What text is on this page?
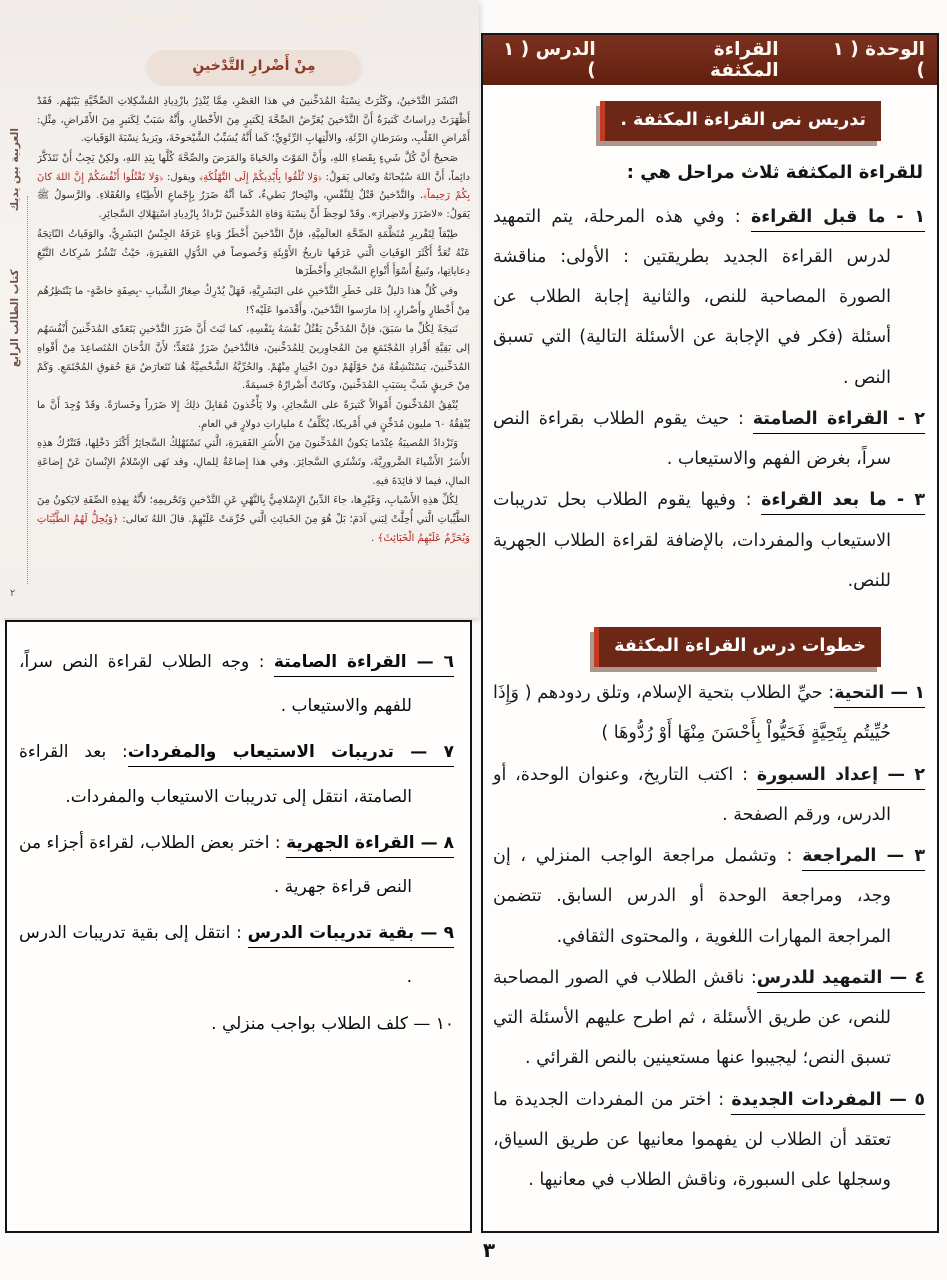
الوحدة «١»
الدرس «١»
مِنْ أَضْرارِ التَّدْخينِ

انْتَشَرَ التَّدْخينُ، وكَثُرَتْ نِسْبَةُ المُدَخِّنينَ في هذا العَصْرِ، مِمَّا يُنْذِرُ بازْدِيادِ المُشْكِلاتِ الصِّحِّيَّةِ بَيْنَهُم. فَقَدْ أَظْهَرَتْ دِراساتٌ كَثيرَةٌ أَنَّ التَّدْخينَ يُعَرِّضُ الصِّحَّةَ لِكَثيرٍ مِنَ الأَخْطارِ، وأَنَّهُ سَبَبٌ لِكَثيرٍ مِنَ الأَمْراضِ، مِثْلِ: أَمْراضِ القَلْبِ، وسَرَطانِ الرِّئَةِ، والالْتِهابِ الرِّئَوِيِّ؛ كَما أَنَّهُ يُسَبِّبُ الشَّيْخوخَةَ، ويَزيدُ نِسْبَةَ الوَفَياتِ.

صَحيحٌ أَنَّ كُلَّ شَيءٍ بِقَضاءِ اللهِ، وأَنَّ المَوْتَ والحَياةَ والمَرَضَ والصِّحَّةَ كُلَّها بِيَدِ اللهِ، ولكِنْ يَجِبُ أَنْ نَتَذَكَّرَ دائِماً، أَنَّ اللهَ سُبْحانَهُ وتَعالى يَقولُ: ﴿وَلا تُلْقُوا بِأَيْدِيكُمْ إِلَى التَّهْلُكَةِ﴾ ويقول: ﴿وَلا تَقْتُلُوا أَنْفُسَكُمْ إِنَّ اللهَ كانَ بِكُمْ رَحِيماً﴾. والتَّدْخينُ قَتْلٌ لِلنَّفْسِ، وانْتِحارٌ بَطيءٌ، كَما أنَّهُ ضَرَرٌ بِإِجْماعِ الأَطِبّاءِ والعُقَلاءِ. والرَّسولُ ﷺ يَقولُ: «لاضَرَرَ ولاضِرارَ». وقَدْ لوحِظَ أَنَّ نِسْبَةَ وَفاةِ المُدَخِّنينَ تَزْدادُ بِازْدِيادِ اسْتِهْلاكِ السَّجائِرِ.

طِبْقاً لِتَقْريرِ مُنَظَّمَةِ الصِّحَّةِ العالَمِيَّةِ، فإنَّ التَّدْخينَ أَخْطَرُ وَباءٍ عَرَفَهُ الجِنْسُ البَشَرِيُّ، والوَفَياتُ النّاتِجَةُ عَنْهُ تُعَدُّ أَكْثَرَ الوَفَياتِ الَّتي عَرَفَها تاريخُ الأَوْبِئَةِ وَخُصوصاً في الدُّوَلِ الفَقيرَةِ، حَيْثُ تَنْشُرُ شَرِكاتُ التَّبْغِ دِعاياتِها، وتَبيعُ أَسْوَأَ أَنْواعِ السَّجائِرِ وأَخْطَرَها

وفي كُلِّ هذا دَليلٌ عَلى خَطَرِ التَّدْخينِ على البَشَرِيَّةِ، فَهَلْ يُدْرِكُ صِغارُ الشَّبابِ -بِصِفَةٍ خاصَّةٍ- ما يَنْتَظِرُهُم مِنْ أَخْطارٍ وأَضْرارٍ، إذا مارَسوا التَّدْخينَ، وأَقْدَموا عَلَيْه؟!

نَتيجَةً لِكُلِّ ما سَبَقَ، فإنَّ المُدَخِّنَ يَقْتُلُ نَفْسَهُ بِنَفْسِهِ، كما ثَبَتَ أَنَّ ضَرَرَ التَّدْخينِ يَتَعَدّى المُدَخِّنينَ أَنْفُسَهُم إلى بَقِيَّةِ أَفْرادِ المُجْتَمَعِ مِنَ المُجاوِرينَ لِلمُدَخِّنينَ، فالتَّدْخينُ ضَرَرٌ مُتَعَدٍّ؛ لأَنَّ الدُّخانَ المُتَصاعِدَ مِنْ أَفْواهِ المُدَخِّنينَ، يَسْتَنْشِقُهُ مَنْ حَوْلَهُمْ دونَ اخْتِيارٍ مِنْهُمْ. والحُرِّيَّةُ الشَّخْصِيَّةُ هُنا تَتَعارَضُ مَعَ حُقوقِ المُجْتَمَعِ. وَكَمْ مِنْ حَريقٍ شَبَّ بِسَبَبِ المُدَخِّنينَ، وكانَتْ أَضْرارُهُ جَسيمَةً.

يُنْفِقُ المُدَخِّنونَ أَمْوالاً كَثيرَةً على السَّجائِرِ، ولا يَأْخُذونَ مُقابِلَ ذلِكَ إِلا ضَرَراً وخَسارَةً. وقَدْ وُجِدَ أَنَّ ما يُنْفِقُهُ ٦٠ مليون مُدَخِّنٍ في أَمْريكا، يُكَلِّفُ ٤ ملياراتِ دولارٍ في العامِ.

وَتَزْدادُ المُصيبَةُ عِنْدَما يَكونُ المُدَخِّنونَ مِنَ الأُسَرِ الفَقيرَةِ، الَّتي تَسْتَهْلِكُ السَّجائِرُ أَكْثَرَ دَخْلِها، فَتَتْرُكُ هذِهِ الأُسَرُ الأَشْياءَ الضَّرورِيَّةَ، وتَشْتَري السَّجائِرَ. وفي هذا إِضاعَةٌ لِلمالِ، وقد نَهَى الإِسْلامُ الإِنْسانَ عَنْ إِضاعَةِ المالِ، فيما لا فائِدَةَ فيهِ.

لِكُلِّ هذِهِ الأَسْبابِ، وَغَيْرِها، جاءَ الدِّينُ الإِسْلامِيُّ بِالنَّهْيِ عَنِ التَّدْخينِ وَتَحْريمِهِ؛ لأَنَّهُ بِهذِهِ الصِّفَةِ لايَكونُ مِنَ الطَّيِّباتِ الَّتي أُحِلَّتْ لِبَني آدَمَ؛ بَلْ هُوَ مِنَ الخَبائِثِ الَّتي حُرِّمَتْ عَلَيْهِمْ. قالَ اللهُ تَعالى: ﴿وَيُحِلُّ لَهُمُ الطَّيِّبَاتِ وَيُحَرِّمُ عَلَيْهِمُ الْخَبَائِثَ﴾ .

العربية بين يديككتاب الطالب الرابع
٢

٦ — القراءة الصامتة : وجه الطلاب لقراءة النص سراً، للفهم والاستيعاب .

٧ — تدريبات الاستيعاب والمفردات: بعد القراءة الصامتة، انتقل إلى تدريبات الاستيعاب والمفردات.

٨ — القراءة الجهرية : اختر بعض الطلاب، لقراءة أجزاء من النص قراءة جهرية .

٩ — بقية تدريبات الدرس : انتقل إلى بقية تدريبات الدرس .

١٠ — كلف الطلاب بواجب منزلي .

الوحدة ( ١ )
القراءة المكثفة
الدرس ( ١ )
تدريس نص القراءة المكثفة .

للقراءة المكثفة ثلاث مراحل هي :

١ - ما قبل القراءة : وفي هذه المرحلة، يتم التمهيد لدرس القراءة الجديد بطريقتين : الأولى: مناقشة الصورة المصاحبة للنص، والثانية إجابة الطلاب عن أسئلة (فكر في الإجابة عن الأسئلة التالية) التي تسبق النص .

٢ - القراءة الصامتة : حيث يقوم الطلاب بقراءة النص سراً، بغرض الفهم والاستيعاب .

٣ - ما بعد القراءة : وفيها يقوم الطلاب بحل تدريبات الاستيعاب والمفردات، بالإضافة لقراءة الطلاب الجهرية للنص.

خطوات درس القراءة المكثفة

١ — التحية: حيِّ الطلاب بتحية الإسلام، وتلق ردودهم ( وَإِذَا حُيِّيتُم بِتَحِيَّةٍ فَحَيُّواْ بِأَحْسَنَ مِنْهَا أَوْ رُدُّوهَا )

٢ — إعداد السبورة : اكتب التاريخ، وعنوان الوحدة، أو الدرس، ورقم الصفحة .

٣ — المراجعة : وتشمل مراجعة الواجب المنزلي ، إن وجد، ومراجعة الوحدة أو الدرس السابق. تتضمن المراجعة المهارات اللغوية ، والمحتوى الثقافي.

٤ — التمهيد للدرس: ناقش الطلاب في الصور المصاحبة للنص، عن طريق الأسئلة ، ثم اطرح عليهم الأسئلة التي تسبق النص؛ ليجيبوا عنها مستعينين بالنص القرائي .

٥ — المفردات الجديدة : اختر من المفردات الجديدة ما تعتقد أن الطلاب لن يفهموا معانيها عن طريق السياق، وسجلها على السبورة، وناقش الطلاب في معانيها .

٣
